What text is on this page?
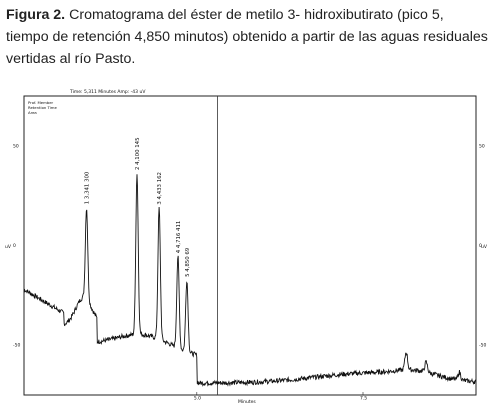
Figura 2. Cromatograma del éster de metilo 3- hidroxibutirato (pico 5, tiempo de retención 4,850 minutos) obtenido a partir de las aguas residuales vertidas al río Pasto.
Time: 5,311 Minutes Amp: -43 uV
Prof. Member
Retention Time
Area
uV	uV
Minutes
50
0
-50
50
0
-50
5.0	7.5
1 3,341 300
2 4,100 145
3 4,433 162
4 4,716 411
5 4,850 69
